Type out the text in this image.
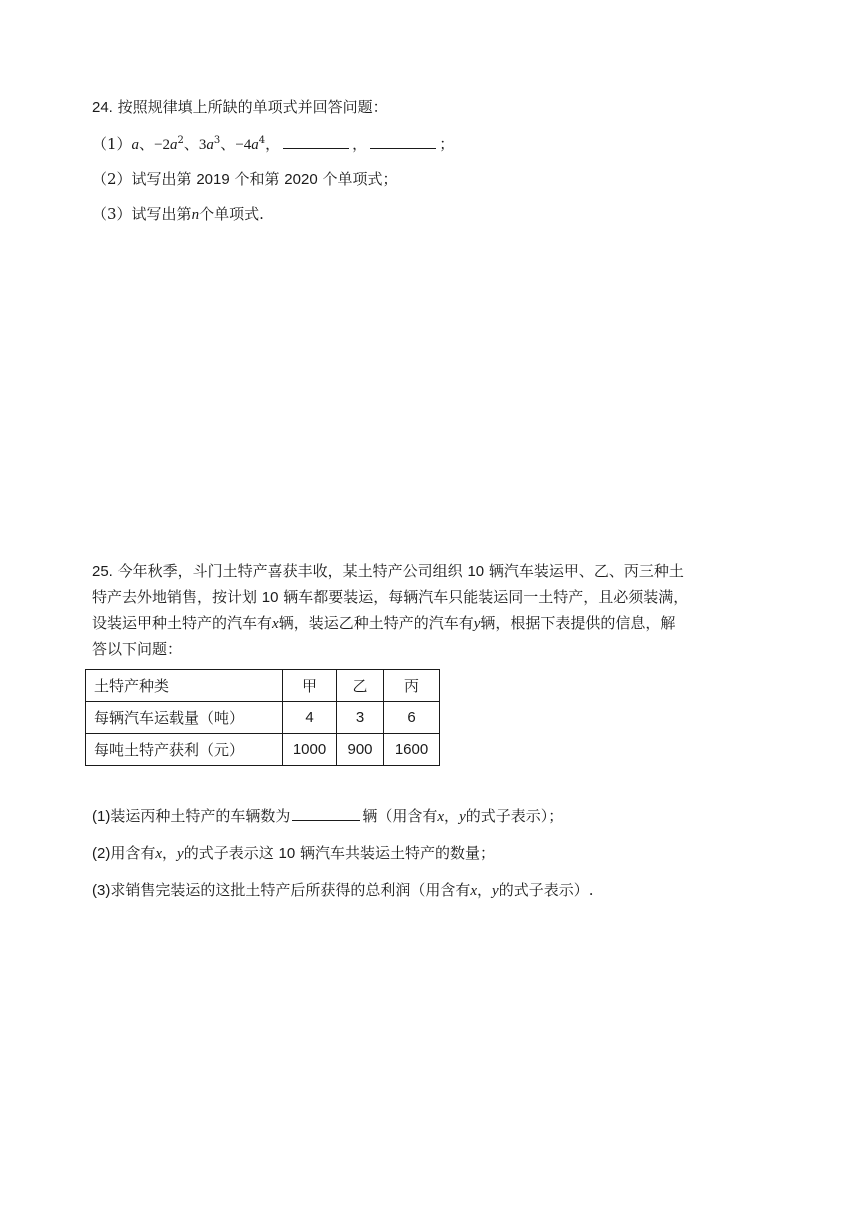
24. 按照规律填上所缺的单项式并回答问题：
（1）a、$-2a^2$、$3a^3$、$-4a^4$，	，	；
（2）试写出第 2019 个和第 2020 个单项式；
（3）试写出第n个单项式.
25. 今年秋季，斗门土特产喜获丰收，某土特产公司组织 10 辆汽车装运甲、乙、丙三种土
特产去外地销售，按计划 10 辆车都要装运，每辆汽车只能装运同一土特产，且必须装满，
设装运甲种土特产的汽车有x辆，装运乙种土特产的汽车有y辆，根据下表提供的信息，解
答以下问题：
土特产种类	甲	乙	丙
每辆汽车运载量（吨）	4	3	6
每吨土特产获利（元）	1000	900	1600
(1)装运丙种土特产的车辆数为	辆（用含有x，y的式子表示）；
(2)用含有x，y的式子表示这 10 辆汽车共装运土特产的数量；
(3)求销售完装运的这批土特产后所获得的总利润（用含有x，y的式子表示）.
